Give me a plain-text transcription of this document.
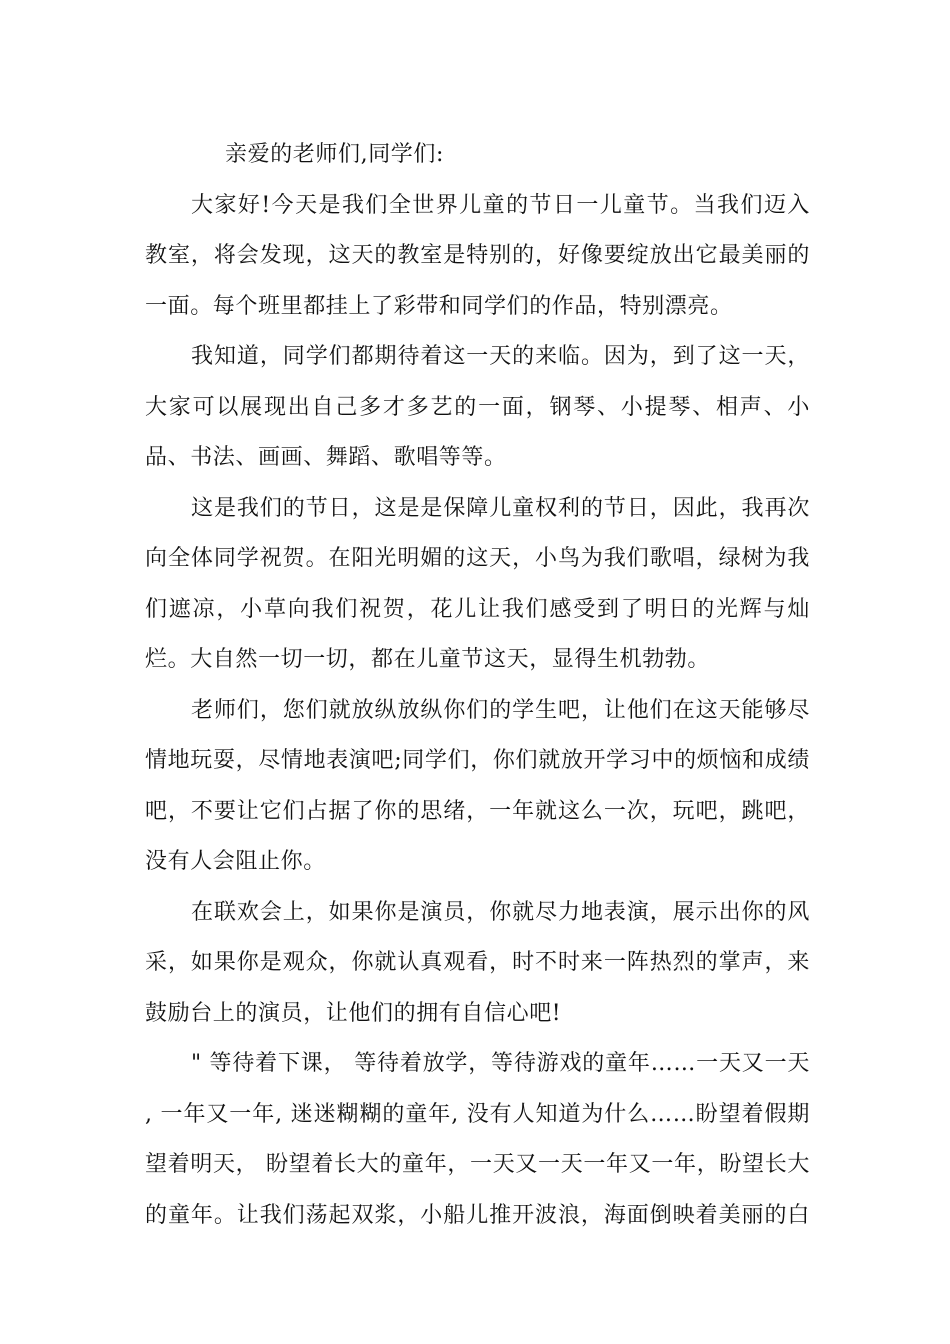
亲爱的老师们,同学们:
大家好!今天是我们全世界儿童的节日一儿童节。当我们迈入
教室，将会发现，这天的教室是特别的，好像要绽放出它最美丽的
一面。每个班里都挂上了彩带和同学们的作品，特别漂亮。
我知道，同学们都期待着这一天的来临。因为，到了这一天，
大家可以展现出自己多才多艺的一面，钢琴、小提琴、相声、小
品、书法、画画、舞蹈、歌唱等等。
这是我们的节日，这是是保障儿童权利的节日，因此，我再次
向全体同学祝贺。在阳光明媚的这天，小鸟为我们歌唱，绿树为我
们遮凉，小草向我们祝贺，花儿让我们感受到了明日的光辉与灿
烂。大自然一切一切，都在儿童节这天，显得生机勃勃。
老师们，您们就放纵放纵你们的学生吧，让他们在这天能够尽
情地玩耍，尽情地表演吧;同学们，你们就放开学习中的烦恼和成绩
吧，不要让它们占据了你的思绪，一年就这么一次，玩吧，跳吧，
没有人会阻止你。
在联欢会上，如果你是演员，你就尽力地表演，展示出你的风
采，如果你是观众，你就认真观看，时不时来一阵热烈的掌声，来
鼓励台上的演员，让他们的拥有自信心吧!
" 等待着下课， 等待着放学，等待游戏的童年……一天又一天
, 一年又一年, 迷迷糊糊的童年, 没有人知道为什么……盼望着假期
望着明天， 盼望着长大的童年，一天又一天一年又一年，盼望长大
的童年。让我们荡起双浆，小船儿推开波浪，海面倒映着美丽的白
